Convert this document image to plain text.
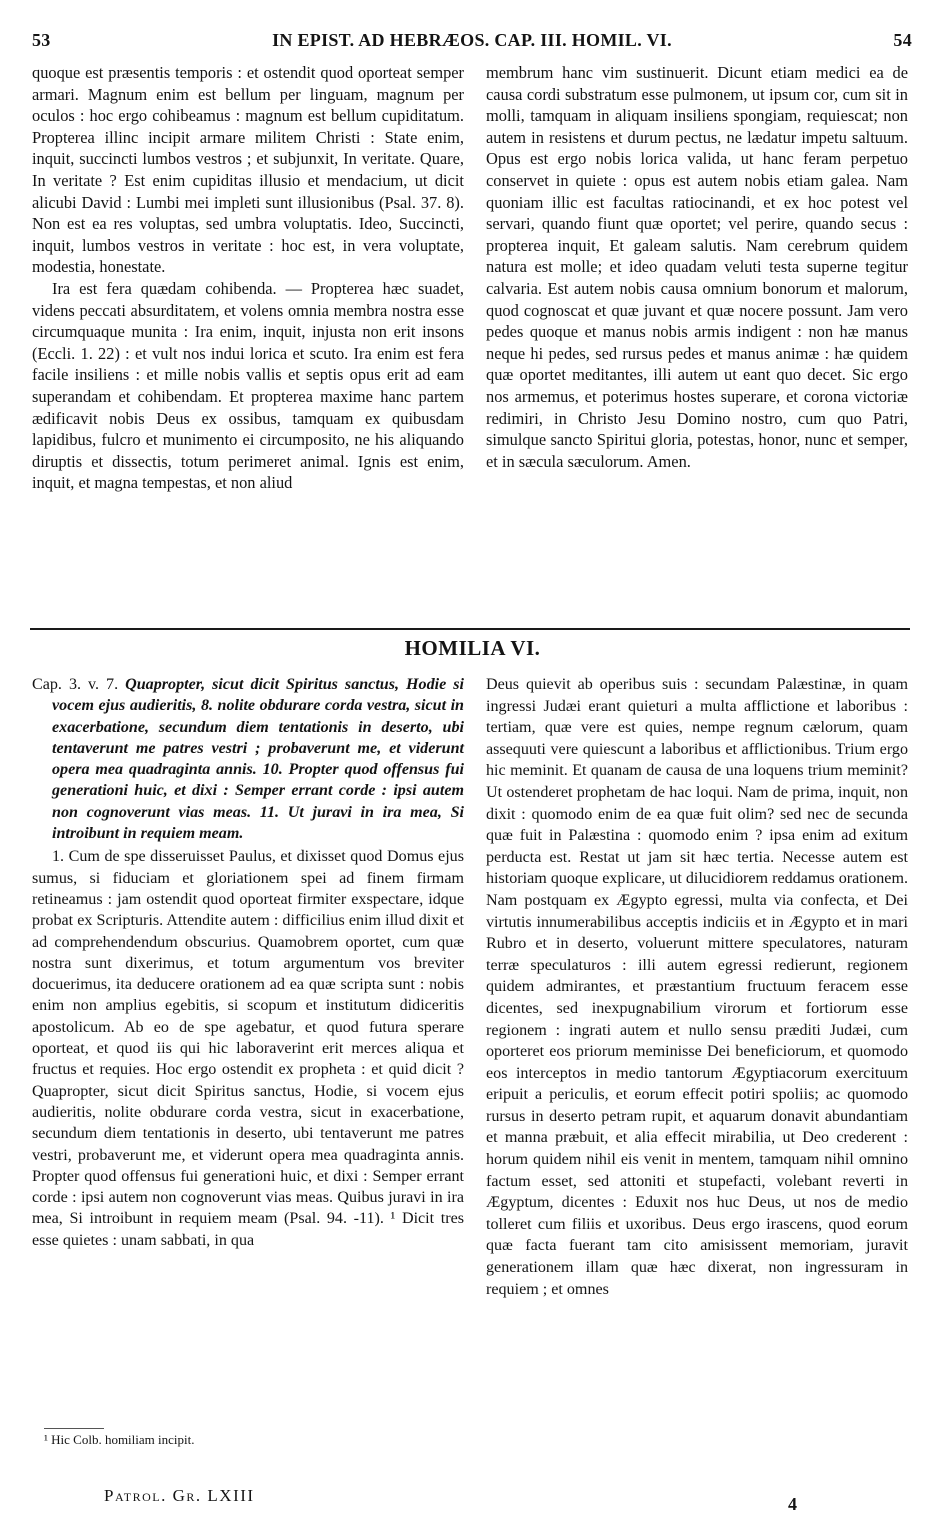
53	IN EPIST. AD HEBRÆOS. CAP. III. HOMIL. VI.	54

quoque est præsentis temporis : et ostendit quod oporteat semper armari. Magnum enim est bellum per linguam, magnum per oculos : hoc ergo cohibeamus : magnum est bellum cupiditatum. Propterea illinc incipit armare militem Christi : State enim, inquit, succincti lumbos vestros ; et subjunxit, In veritate. Quare, In veritate ? Est enim cupiditas illusio et mendacium, ut dicit alicubi David : Lumbi mei impleti sunt illusionibus (Psal. 37. 8). Non est ea res voluptas, sed umbra voluptatis. Ideo, Succincti, inquit, lumbos vestros in veritate : hoc est, in vera voluptate, modestia, honestate.

Ira est fera quædam cohibenda. — Propterea hæc suadet, videns peccati absurditatem, et volens omnia membra nostra esse circumquaque munita : Ira enim, inquit, injusta non erit insons (Eccli. 1. 22) : et vult nos indui lorica et scuto. Ira enim est fera facile insiliens : et mille nobis vallis et septis opus erit ad eam superandam et cohibendam. Et propterea maxime hanc partem ædificavit nobis Deus ex ossibus, tamquam ex quibusdam lapidibus, fulcro et munimento ei circumposito, ne his aliquando diruptis et dissectis, totum perimeret animal. Ignis est enim, inquit, et magna tempestas, et non aliud

membrum hanc vim sustinuerit. Dicunt etiam medici ea de causa cordi substratum esse pulmonem, ut ipsum cor, cum sit in molli, tamquam in aliquam insiliens spongiam, requiescat; non autem in resistens et durum pectus, ne lædatur impetu saltuum. Opus est ergo nobis lorica valida, ut hanc feram perpetuo conservet in quiete : opus est autem nobis etiam galea. Nam quoniam illic est facultas ratiocinandi, et ex hoc potest vel servari, quando fiunt quæ oportet; vel perire, quando secus : propterea inquit, Et galeam salutis. Nam cerebrum quidem natura est molle; et ideo quadam veluti testa superne tegitur calvaria. Est autem nobis causa omnium bonorum et malorum, quod cognoscat et quæ juvant et quæ nocere possunt. Jam vero pedes quoque et manus nobis armis indigent : non hæ manus neque hi pedes, sed rursus pedes et manus animæ : hæ quidem quæ oportet meditantes, illi autem ut eant quo decet. Sic ergo nos armemus, et poterimus hostes superare, et corona victoriæ redimiri, in Christo Jesu Domino nostro, cum quo Patri, simulque sancto Spiritui gloria, potestas, honor, nunc et semper, et in sæcula sæculorum. Amen.

HOMILIA VI.

Cap. 3. v. 7. Quapropter, sicut dicit Spiritus sanctus, Hodie si vocem ejus audieritis, 8. nolite obdurare corda vestra, sicut in exacerbatione, secundum diem tentationis in deserto, ubi tentaverunt me patres vestri ; probaverunt me, et viderunt opera mea quadraginta annis. 10. Propter quod offensus fui generationi huic, et dixi : Semper errant corde : ipsi autem non cognoverunt vias meas. 11. Ut juravi in ira mea, Si introibunt in requiem meam.

1. Cum de spe disseruisset Paulus, et dixisset quod Domus ejus sumus, si fiduciam et gloriationem spei ad finem firmam retineamus : jam ostendit quod oporteat firmiter exspectare, idque probat ex Scripturis. Attendite autem : difficilius enim illud dixit et ad comprehendendum obscurius. Quamobrem oportet, cum quæ nostra sunt dixerimus, et totum argumentum vos breviter docuerimus, ita deducere orationem ad ea quæ scripta sunt : nobis enim non amplius egebitis, si scopum et institutum didiceritis apostolicum. Ab eo de spe agebatur, et quod futura sperare oporteat, et quod iis qui hic laboraverint erit merces aliqua et fructus et requies. Hoc ergo ostendit ex propheta : et quid dicit ? Quapropter, sicut dicit Spiritus sanctus, Hodie, si vocem ejus audieritis, nolite obdurare corda vestra, sicut in exacerbatione, secundum diem tentationis in deserto, ubi tentaverunt me patres vestri, probaverunt me, et viderunt opera mea quadraginta annis. Propter quod offensus fui generationi huic, et dixi : Semper errant corde : ipsi autem non cognoverunt vias meas. Quibus juravi in ira mea, Si introibunt in requiem meam (Psal. 94. -11). ¹ Dicit tres esse quietes : unam sabbati, in qua

Deus quievit ab operibus suis : secundam Palæstinæ, in quam ingressi Judæi erant quieturi a multa afflictione et laboribus : tertiam, quæ vere est quies, nempe regnum cælorum, quam assequuti vere quiescunt a laboribus et afflictionibus. Trium ergo hic meminit. Et quanam de causa de una loquens trium meminit? Ut ostenderet prophetam de hac loqui. Nam de prima, inquit, non dixit : quomodo enim de ea quæ fuit olim? sed nec de secunda quæ fuit in Palæstina : quomodo enim ? ipsa enim ad exitum perducta est. Restat ut jam sit hæc tertia. Necesse autem est historiam quoque explicare, ut dilucidiorem reddamus orationem. Nam postquam ex Ægypto egressi, multa via confecta, et Dei virtutis innumerabilibus acceptis indiciis et in Ægypto et in mari Rubro et in deserto, voluerunt mittere speculatores, naturam terræ speculaturos : illi autem egressi redierunt, regionem quidem admirantes, et præstantium fructuum feracem esse dicentes, sed inexpugnabilium virorum et fortiorum esse regionem : ingrati autem et nullo sensu præditi Judæi, cum oporteret eos priorum meminisse Dei beneficiorum, et quomodo eos interceptos in medio tantorum Ægyptiacorum exercituum eripuit a periculis, et eorum effecit potiri spoliis; ac quomodo rursus in deserto petram rupit, et aquarum donavit abundantiam et manna præbuit, et alia effecit mirabilia, ut Deo crederent : horum quidem nihil eis venit in mentem, tamquam nihil omnino factum esset, sed attoniti et stupefacti, volebant reverti in Ægyptum, dicentes : Eduxit nos huc Deus, ut nos de medio tolleret cum filiis et uxoribus. Deus ergo irascens, quod eorum quæ facta fuerant tam cito amisissent memoriam, juravit generationem illam quæ hæc dixerat, non ingressuram in requiem ; et omnes

¹ Hic Colb. homiliam incipit.
Patrol. Gr. LXIII	4
